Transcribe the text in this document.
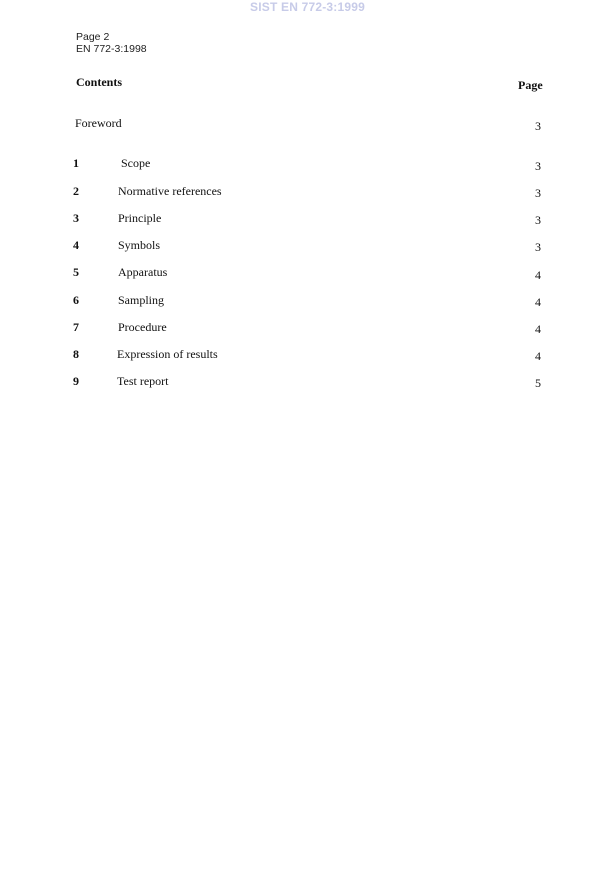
SIST EN 772-3:1999
Page 2
EN 772-3:1998
Contents	Page
Foreword	3
1	Scope	3
2	Normative references	3
3	Principle	3
4	Symbols	3
5	Apparatus	4
6	Sampling	4
7	Procedure	4
8	Expression of results	4
9	Test report	5
